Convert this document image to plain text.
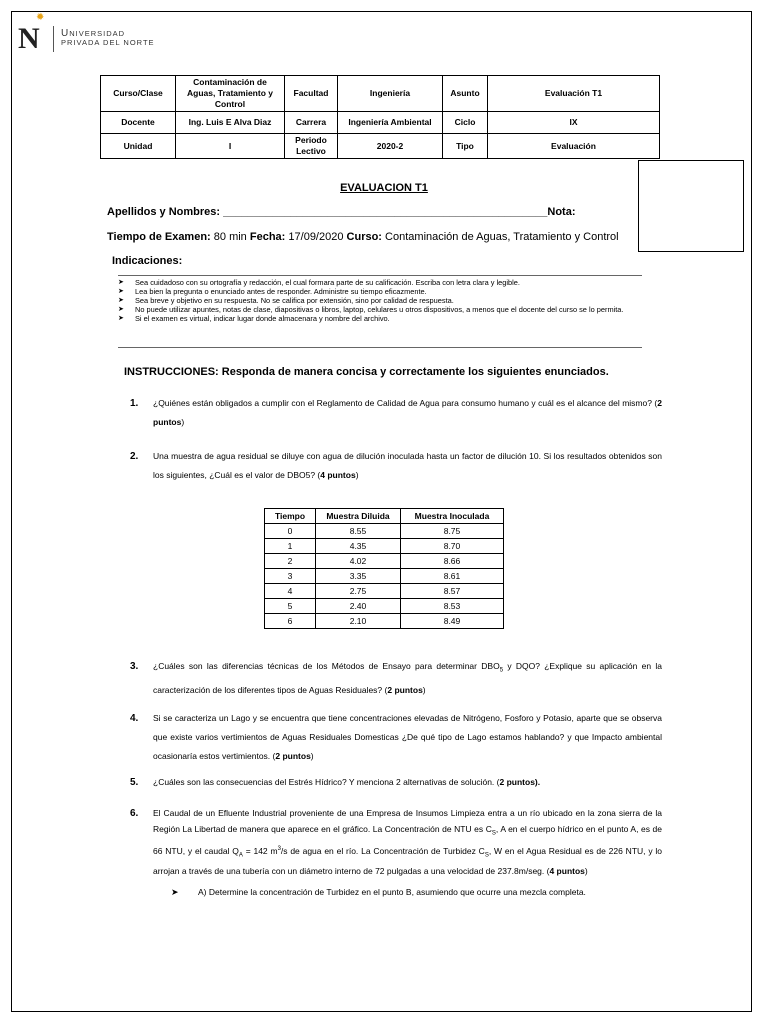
✹
N	UNIVERSIDAD
PRIVADA DEL NORTE
Curso/Clase	Contaminación de Aguas, Tratamiento y Control	Facultad	Ingeniería	Asunto	Evaluación T1
Docente	Ing. Luis E Alva Diaz	Carrera	Ingeniería Ambiental	Ciclo	IX
Unidad	I	Periodo Lectivo	2020-2	Tipo	Evaluación
EVALUACION T1
Apellidos y Nombres: _____________________________________________________Nota:
Tiempo de Examen: 80 min Fecha: 17/09/2020 Curso: Contaminación de Aguas, Tratamiento y Control
Indicaciones:
➤ Sea cuidadoso con su ortografía y redacción, el cual formara parte de su calificación. Escriba con letra clara y legible.
➤ Lea bien la pregunta o enunciado antes de responder. Administre su tiempo eficazmente.
➤ Sea breve y objetivo en su respuesta. No se califica por extensión, sino por calidad de respuesta.
➤ No puede utilizar apuntes, notas de clase, diapositivas o libros, laptop, celulares u otros dispositivos, a menos que el docente del curso se lo permita.
➤ Si el examen es virtual, indicar lugar donde almacenara y nombre del archivo.
INSTRUCCIONES: Responda de manera concisa y correctamente los siguientes enunciados.
1. ¿Quiénes están obligados a cumplir con el Reglamento de Calidad de Agua para consumo humano y cuál es el alcance del mismo? (2 puntos)
2. Una muestra de agua residual se diluye con agua de dilución inoculada hasta un factor de dilución 10. Si los resultados obtenidos son los siguientes, ¿Cuál es el valor de DBO5? (4 puntos)
Tiempo	Muestra Diluida	Muestra Inoculada
0	8.55	8.75
1	4.35	8.70
2	4.02	8.66
3	3.35	8.61
4	2.75	8.57
5	2.40	8.53
6	2.10	8.49
3. ¿Cuáles son las diferencias técnicas de los Métodos de Ensayo para determinar $DBO_5$ y DQO? ¿Explique su aplicación en la caracterización de los diferentes tipos de Aguas Residuales? (2 puntos)
4. Si se caracteriza un Lago y se encuentra que tiene concentraciones elevadas de Nitrógeno, Fosforo y Potasio, aparte que se observa que existe varios vertimientos de Aguas Residuales Domesticas ¿De qué tipo de Lago estamos hablando? y que Impacto ambiental ocasionaría estos vertimientos. (2 puntos)
5. ¿Cuáles son las consecuencias del Estrés Hídrico? Y menciona 2 alternativas de solución. (2 puntos).
6. El Caudal de un Efluente Industrial proveniente de una Empresa de Insumos Limpieza entra a un río ubicado en la zona sierra de la Región La Libertad de manera que aparece en el gráfico. La Concentración de NTU es $C_S$, A en el cuerpo hídrico en el punto A, es de 66 NTU, y el caudal $Q_A = 142$ $m^3/s$ de agua en el río. La Concentración de Turbidez $C_S$, W en el Agua Residual es de 226 NTU, y lo arrojan a través de una tubería con un diámetro interno de 72 pulgadas a una velocidad de 237.8m/seg. (4 puntos)
➤ A) Determine la concentración de Turbidez en el punto B, asumiendo que ocurre una mezcla completa.
